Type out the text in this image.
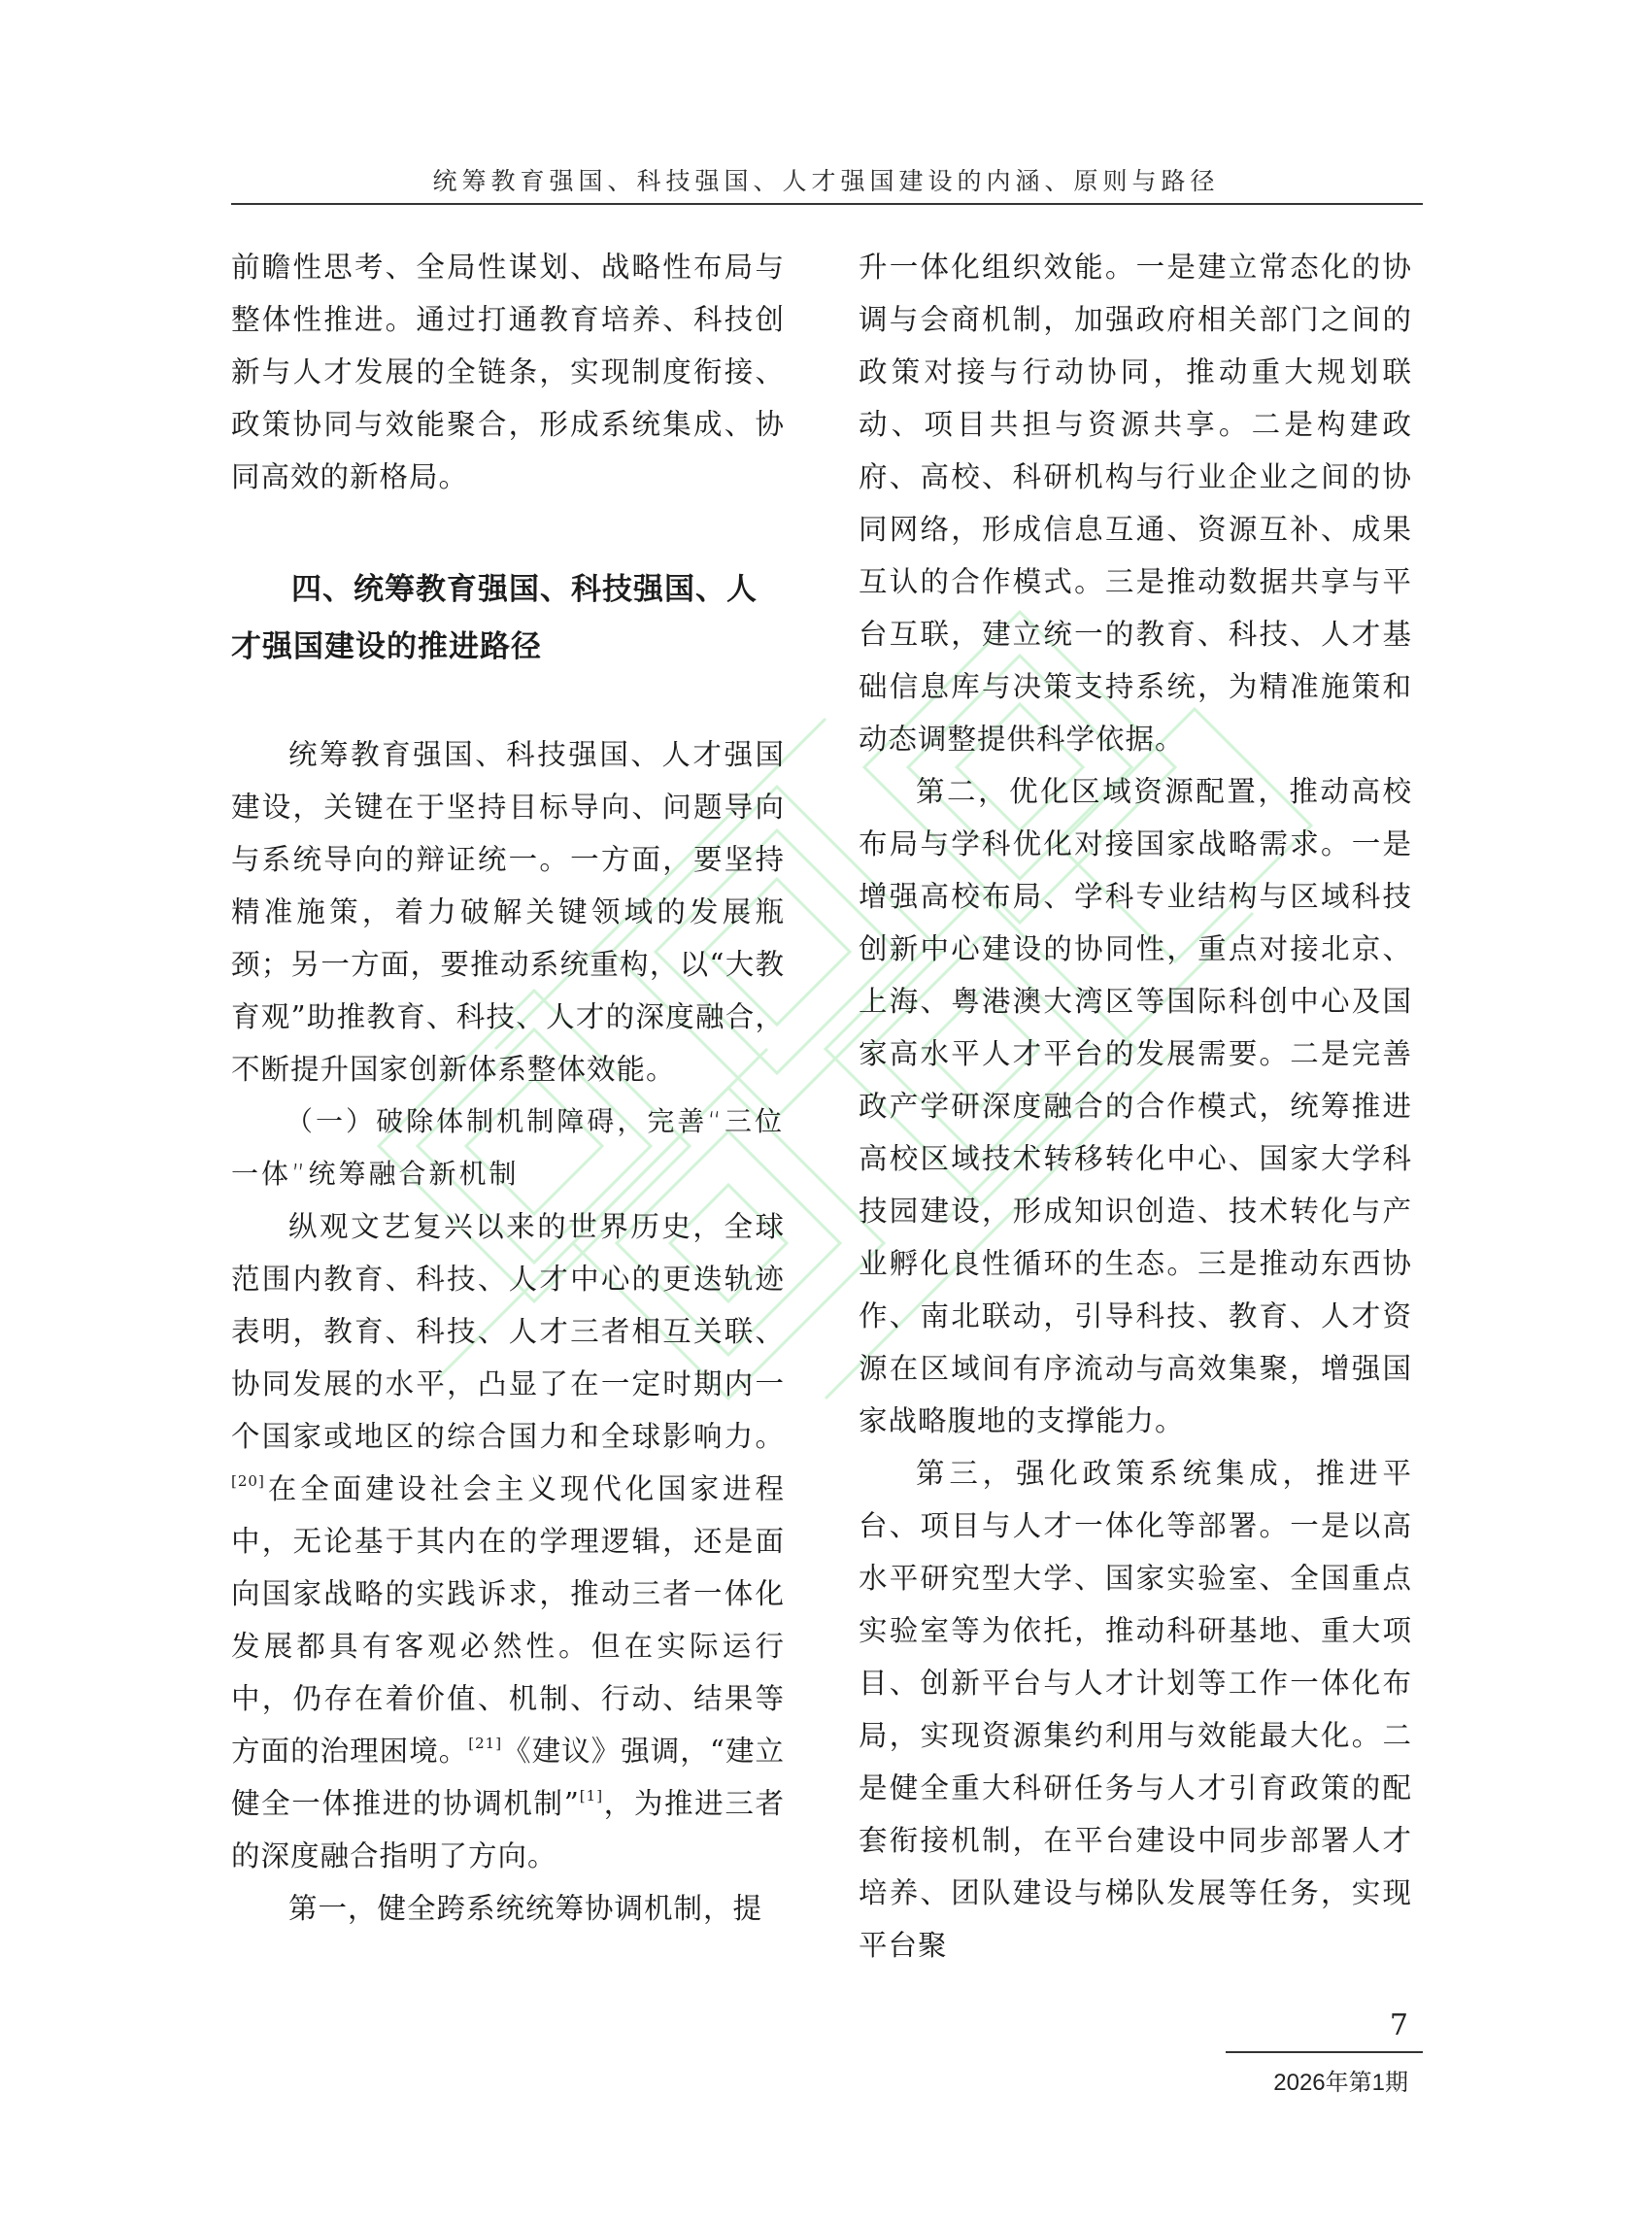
统筹教育强国、科技强国、人才强国建设的内涵、原则与路径

前瞻性思考、全局性谋划、战略性布局与整体性推进。通过打通教育培养、科技创新与人才发展的全链条，实现制度衔接、政策协同与效能聚合，形成系统集成、协同高效的新格局。

四、统筹教育强国、科技强国、人才强国建设的推进路径

统筹教育强国、科技强国、人才强国建设，关键在于坚持目标导向、问题导向与系统导向的辩证统一。一方面，要坚持精准施策，着力破解关键领域的发展瓶颈；另一方面，要推动系统重构，以“大教育观”助推教育、科技、人才的深度融合，不断提升国家创新体系整体效能。

（一）破除体制机制障碍，完善“三位一体”统筹融合新机制

纵观文艺复兴以来的世界历史，全球范围内教育、科技、人才中心的更迭轨迹表明，教育、科技、人才三者相互关联、协同发展的水平，凸显了在一定时期内一个国家或地区的综合国力和全球影响力。[20]在全面建设社会主义现代化国家进程中，无论基于其内在的学理逻辑，还是面向国家战略的实践诉求，推动三者一体化发展都具有客观必然性。但在实际运行中，仍存在着价值、机制、行动、结果等方面的治理困境。[21]《建议》强调，“建立健全一体推进的协调机制”[1]，为推进三者的深度融合指明了方向。

第一，健全跨系统统筹协调机制，提

升一体化组织效能。一是建立常态化的协调与会商机制，加强政府相关部门之间的政策对接与行动协同，推动重大规划联动、项目共担与资源共享。二是构建政府、高校、科研机构与行业企业之间的协同网络，形成信息互通、资源互补、成果互认的合作模式。三是推动数据共享与平台互联，建立统一的教育、科技、人才基础信息库与决策支持系统，为精准施策和动态调整提供科学依据。

第二，优化区域资源配置，推动高校布局与学科优化对接国家战略需求。一是增强高校布局、学科专业结构与区域科技创新中心建设的协同性，重点对接北京、上海、粤港澳大湾区等国际科创中心及国家高水平人才平台的发展需要。二是完善政产学研深度融合的合作模式，统筹推进高校区域技术转移转化中心、国家大学科技园建设，形成知识创造、技术转化与产业孵化良性循环的生态。三是推动东西协作、南北联动，引导科技、教育、人才资源在区域间有序流动与高效集聚，增强国家战略腹地的支撑能力。

第三，强化政策系统集成，推进平台、项目与人才一体化等部署。一是以高水平研究型大学、国家实验室、全国重点实验室等为依托，推动科研基地、重大项目、创新平台与人才计划等工作一体化布局，实现资源集约利用与效能最大化。二是健全重大科研任务与人才引育政策的配套衔接机制，在平台建设中同步部署人才培养、团队建设与梯队发展等任务，实现平台聚

7
2026年第1期
